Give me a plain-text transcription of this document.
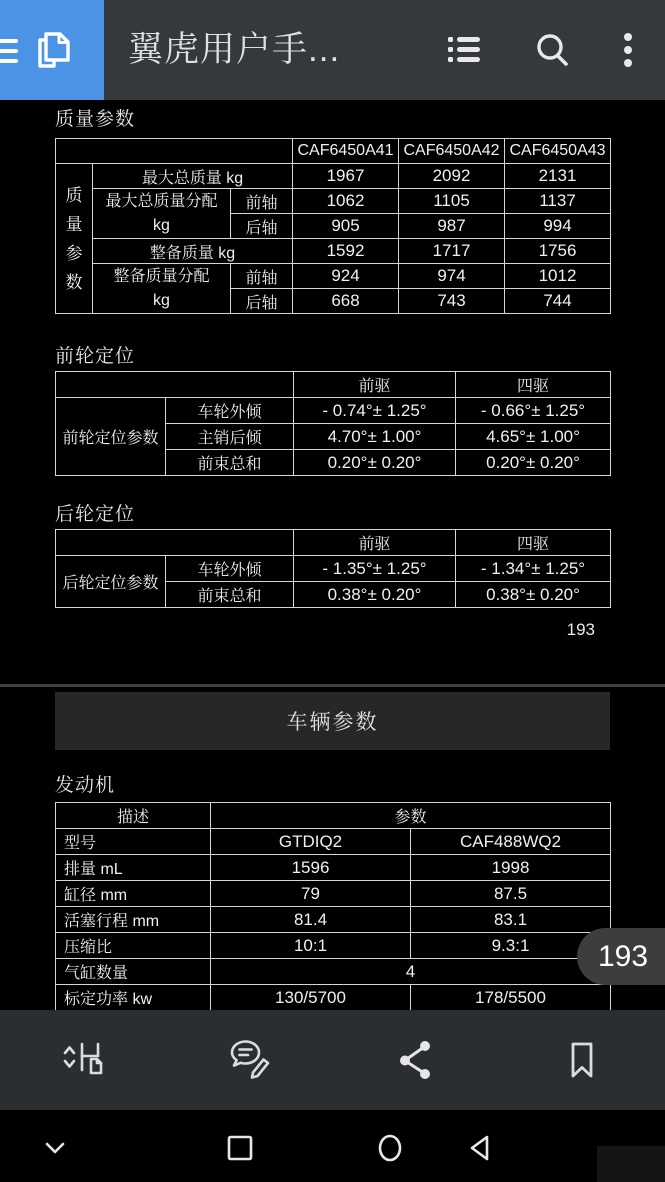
翼虎用户手...
质量参数
			CAF6450A41	CAF6450A42	CAF6450A43

质量参数	最大总质量 kg		1967	2092	2131
	最大总质量分配
kg	前轴	1062	1105	1137
		后轴	905	987	994
	整备质量 kg		1592	1717	1756
	整备质量分配
kg	前轴	924	974	1012
		后轴	668	743	744
前轮定位
		前驱	四驱
前轮定位参数	车轮外倾	- 0.74°± 1.25°	- 0.66°± 1.25°
	主销后倾	4.70°± 1.00°	4.65°± 1.00°
	前束总和	0.20°± 0.20°	0.20°± 0.20°
后轮定位
		前驱	四驱
后轮定位参数	车轮外倾	- 1.35°± 1.25°	- 1.34°± 1.25°
	前束总和	0.38°± 0.20°	0.38°± 0.20°
193
车辆参数
发动机
描述	参数	
型号	GTDIQ2	CAF488WQ2
排量 mL	1596	1998
缸径 mm	79	87.5
活塞行程 mm	81.4	83.1
压缩比	10:1	9.3:1
气缸数量	4	
标定功率 kw	130/5700	178/5500
193
